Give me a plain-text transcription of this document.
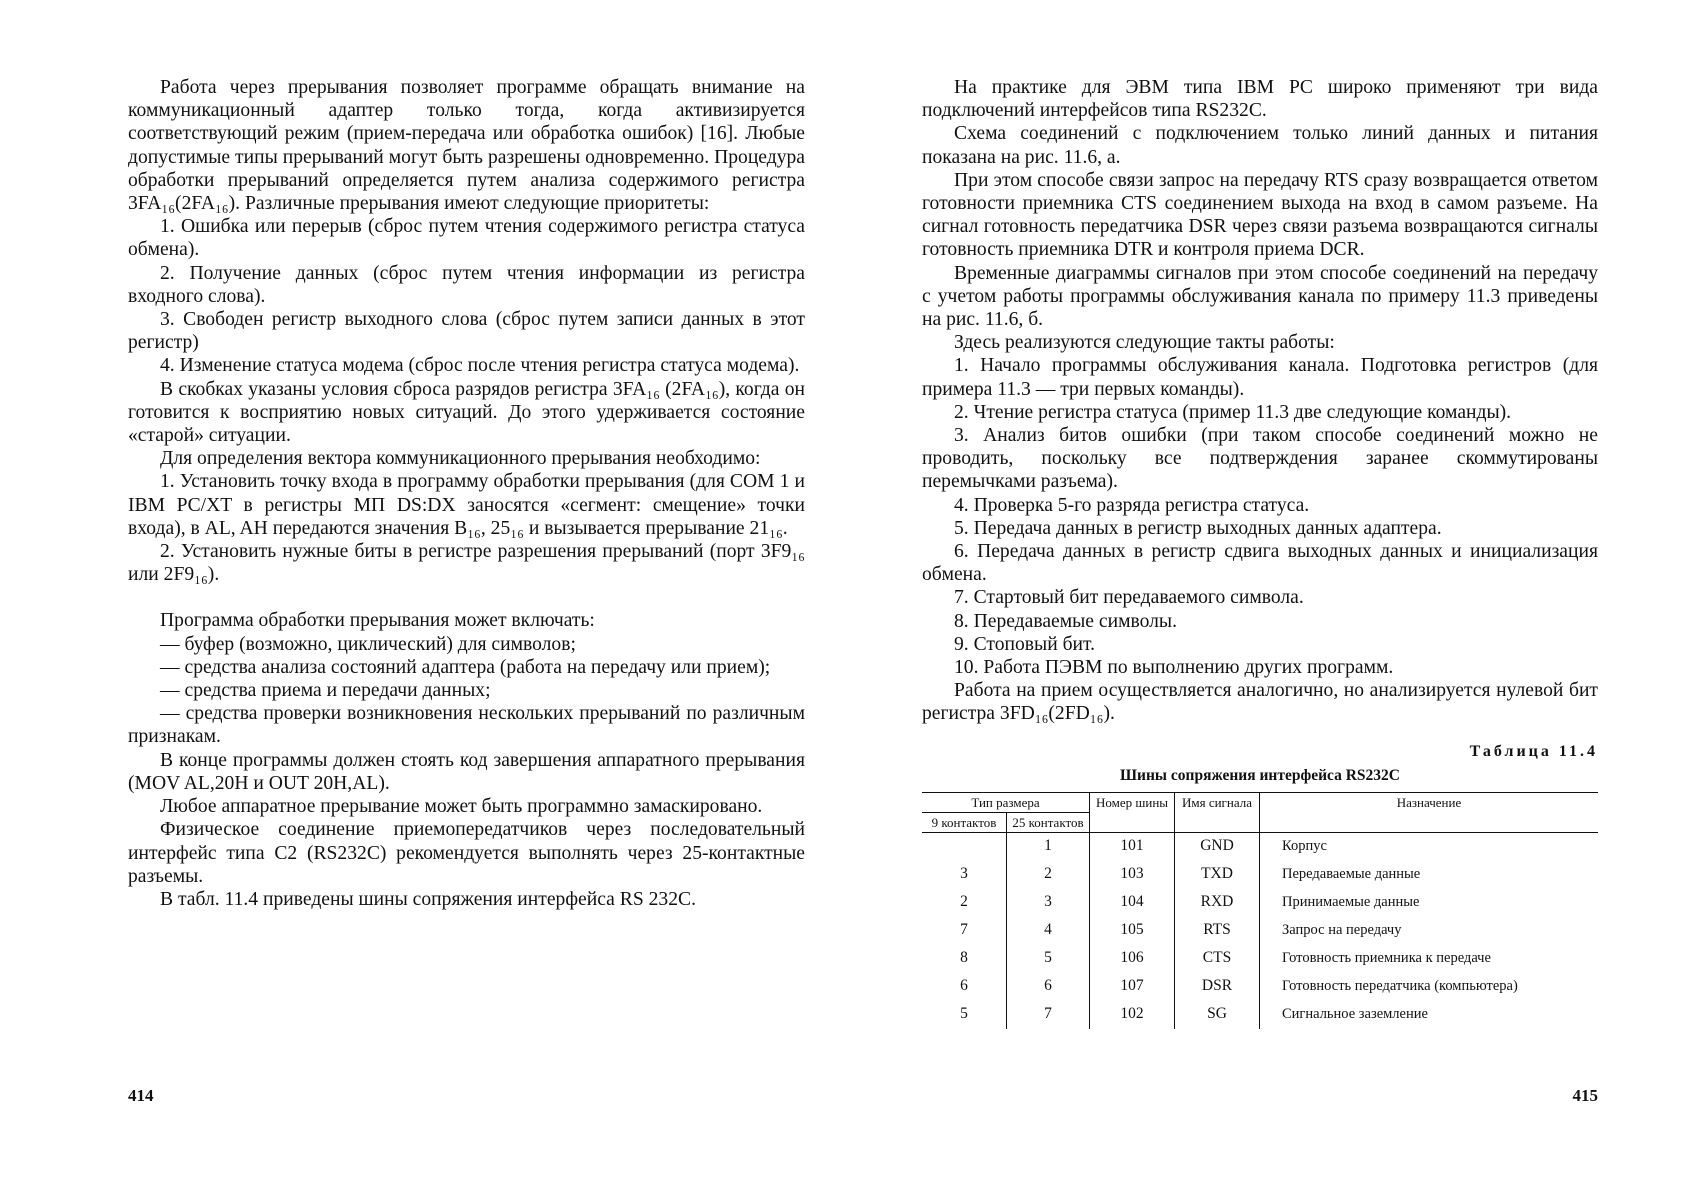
Работа через прерывания позволяет программе обращать внимание на коммуникационный адаптер только тогда, когда активизируется соответствующий режим (прием-передача или обработка ошибок) [16]. Любые допустимые типы прерываний могут быть разрешены одновременно. Процедура обработки прерываний определяется путем анализа содержимого регистра 3FA₁₆(2FA₁₆). Различные прерывания имеют следующие приоритеты:

1. Ошибка или перерыв (сброс путем чтения содержимого регистра статуса обмена).

2. Получение данных (сброс путем чтения информации из регистра входного слова).

3. Свободен регистр выходного слова (сброс путем записи данных в этот регистр)

4. Изменение статуса модема (сброс после чтения регистра статуса модема).

В скобках указаны условия сброса разрядов регистра 3FA₁₆ (2FA₁₆), когда он готовится к восприятию новых ситуаций. До этого удерживается состояние «старой» ситуации.

Для определения вектора коммуникационного прерывания необходимо:

1. Установить точку входа в программу обработки прерывания (для COM 1 и IBM PC/XT в регистры МП DS:DX заносятся «сегмент: смещение» точки входа), в AL, AH передаются значения B₁₆, 25₁₆ и вызывается прерывание 21₁₆.

2. Установить нужные биты в регистре разрешения прерываний (порт 3F9₁₆ или 2F9₁₆).

Программа обработки прерывания может включать:

— буфер (возможно, циклический) для символов;

— средства анализа состояний адаптера (работа на передачу или прием);

— средства приема и передачи данных;

— средства проверки возникновения нескольких прерываний по различным признакам.

В конце программы должен стоять код завершения аппаратного прерывания (MOV AL,20H и OUT 20H,AL).

Любое аппаратное прерывание может быть программно замаскировано.

Физическое соединение приемопередатчиков через последовательный интерфейс типа С2 (RS232C) рекомендуется выполнять через 25-контактные разъемы.

В табл. 11.4 приведены шины сопряжения интерфейса RS 232C.

414

На практике для ЭВМ типа IBM PC широко применяют три вида подключений интерфейсов типа RS232C.

Схема соединений с подключением только линий данных и питания показана на рис. 11.6, а.

При этом способе связи запрос на передачу RTS сразу возвращается ответом готовности приемника CTS соединением выхода на вход в самом разъеме. На сигнал готовность передатчика DSR через связи разъема возвращаются сигналы готовность приемника DTR и контроля приема DCR.

Временные диаграммы сигналов при этом способе соединений на передачу с учетом работы программы обслуживания канала по примеру 11.3 приведены на рис. 11.6, б.

Здесь реализуются следующие такты работы:

1. Начало программы обслуживания канала. Подготовка регистров (для примера 11.3 — три первых команды).

2. Чтение регистра статуса (пример 11.3 две следующие команды).

3. Анализ битов ошибки (при таком способе соединений можно не проводить, поскольку все подтверждения заранее скоммутированы перемычками разъема).

4. Проверка 5-го разряда регистра статуса.

5. Передача данных в регистр выходных данных адаптера.

6. Передача данных в регистр сдвига выходных данных и инициализация обмена.

7. Стартовый бит передаваемого символа.

8. Передаваемые символы.

9. Стоповый бит.

10. Работа ПЭВМ по выполнению других программ.

Работа на прием осуществляется аналогично, но анализируется нулевой бит регистра 3FD₁₆(2FD₁₆).

Таблица 11.4
Шины сопряжения интерфейса RS232C
Тип размера		Номер шины	Имя сигнала	Назначение
9 контактов	25 контактов			
	1	101	GND	Корпус
3	2	103	TXD	Передаваемые данные
2	3	104	RXD	Принимаемые данные
7	4	105	RTS	Запрос на передачу
8	5	106	CTS	Готовность приемника к передаче
6	6	107	DSR	Готовность передатчика (компьютера)
5	7	102	SG	Сигнальное заземление
415
